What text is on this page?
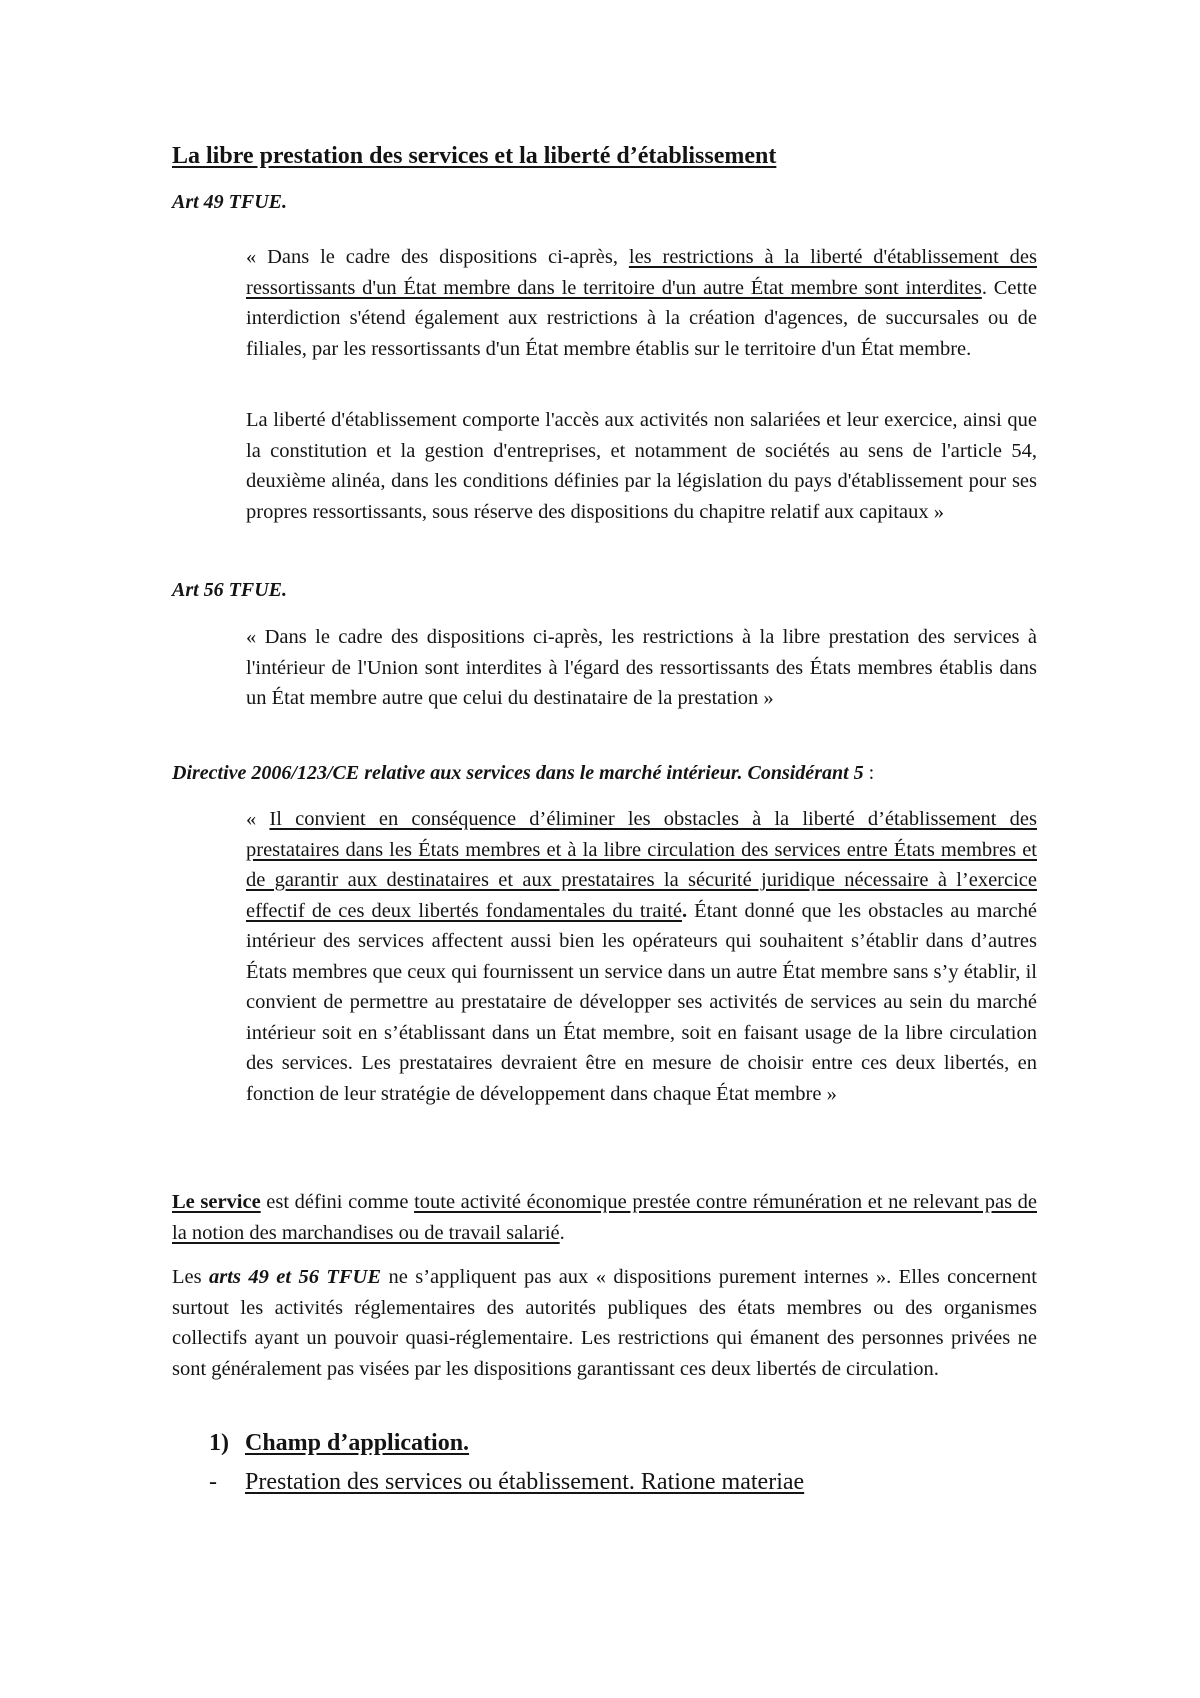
La libre prestation des services et la liberté d’établissement

Art 49 TFUE.

« Dans le cadre des dispositions ci-après, les restrictions à la liberté d'établissement des ressortissants d'un État membre dans le territoire d'un autre État membre sont interdites. Cette interdiction s'étend également aux restrictions à la création d'agences, de succursales ou de filiales, par les ressortissants d'un État membre établis sur le territoire d'un État membre.

La liberté d'établissement comporte l'accès aux activités non salariées et leur exercice, ainsi que la constitution et la gestion d'entreprises, et notamment de sociétés au sens de l'article 54, deuxième alinéa, dans les conditions définies par la législation du pays d'établissement pour ses propres ressortissants, sous réserve des dispositions du chapitre relatif aux capitaux »

Art 56 TFUE.

« Dans le cadre des dispositions ci-après, les restrictions à la libre prestation des services à l'intérieur de l'Union sont interdites à l'égard des ressortissants des États membres établis dans un État membre autre que celui du destinataire de la prestation »

Directive 2006/123/CE relative aux services dans le marché intérieur. Considérant 5 :

« Il convient en conséquence d’éliminer les obstacles à la liberté d’établissement des prestataires dans les États membres et à la libre circulation des services entre États membres et de garantir aux destinataires et aux prestataires la sécurité juridique nécessaire à l’exercice effectif de ces deux libertés fondamentales du traité. Étant donné que les obstacles au marché intérieur des services affectent aussi bien les opérateurs qui souhaitent s’établir dans d’autres États membres que ceux qui fournissent un service dans un autre État membre sans s’y établir, il convient de permettre au prestataire de développer ses activités de services au sein du marché intérieur soit en s’établissant dans un État membre, soit en faisant usage de la libre circulation des services. Les prestataires devraient être en mesure de choisir entre ces deux libertés, en fonction de leur stratégie de développement dans chaque État membre »

Le service est défini comme toute activité économique prestée contre rémunération et ne relevant pas de la notion des marchandises ou de travail salarié.

Les arts 49 et 56 TFUE ne s’appliquent pas aux « dispositions purement internes ». Elles concernent surtout les activités réglementaires des autorités publiques des états membres ou des organismes collectifs ayant un pouvoir quasi-réglementaire. Les restrictions qui émanent des personnes privées ne sont généralement pas visées par les dispositions garantissant ces deux libertés de circulation.

1) Champ d’application.
- Prestation des services ou établissement. Ratione materiae
